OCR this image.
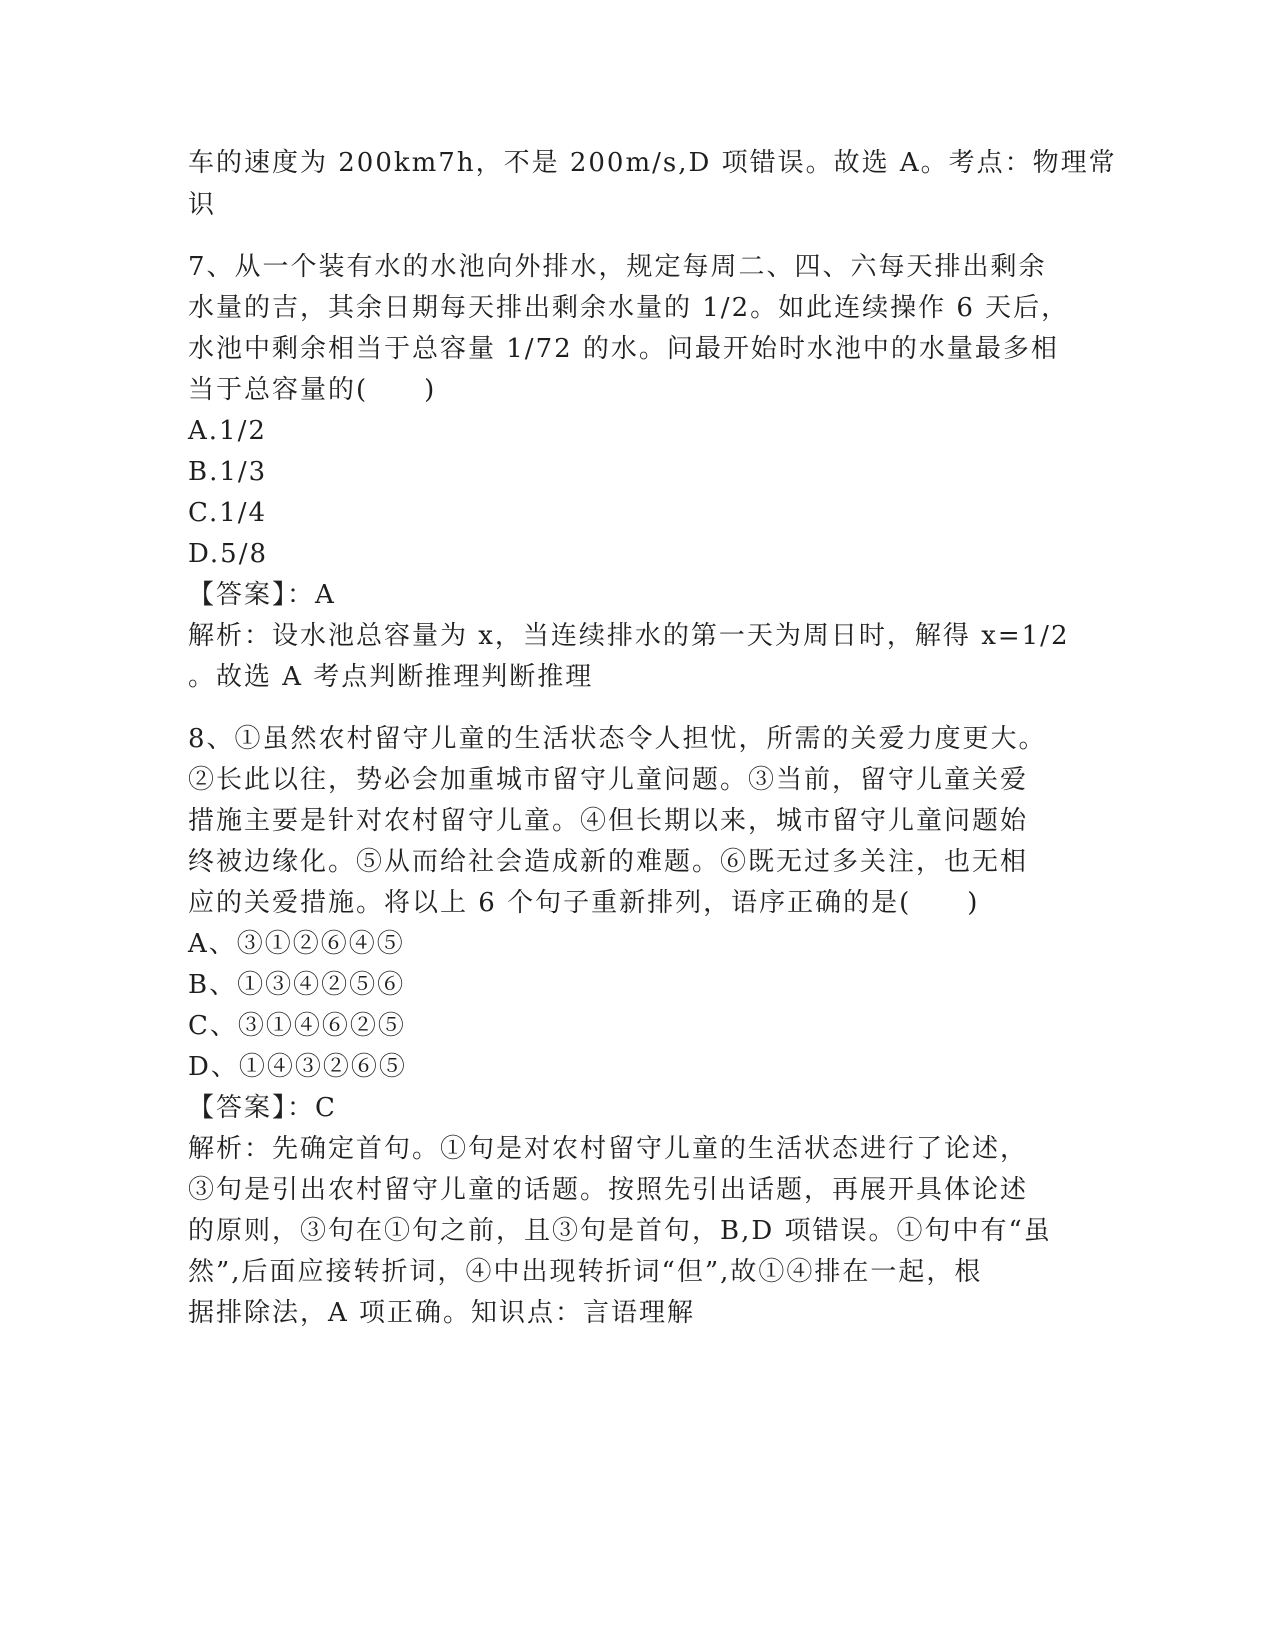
车的速度为 200km7h，不是 200m/s,D 项错误。故选 A。考点：物理常
识
7、从一个装有水的水池向外排水，规定每周二、四、六每天排出剩余
水量的吉，其余日期每天排出剩余水量的 1/2。如此连续操作 6 天后，
水池中剩余相当于总容量 1/72 的水。问最开始时水池中的水量最多相
当于总容量的(　　)
A.1/2
B.1/3
C.1/4
D.5/8
【答案】：A
解析：设水池总容量为 x，当连续排水的第一天为周日时，解得 x=1/2
。故选 A 考点判断推理判断推理
8、①虽然农村留守儿童的生活状态令人担忧，所需的关爱力度更大。
②长此以往，势必会加重城市留守儿童问题。③当前，留守儿童关爱
措施主要是针对农村留守儿童。④但长期以来，城市留守儿童问题始
终被边缘化。⑤从而给社会造成新的难题。⑥既无过多关注，也无相
应的关爱措施。将以上 6 个句子重新排列，语序正确的是(　　)
A、③①②⑥④⑤
B、①③④②⑤⑥
C、③①④⑥②⑤
D、①④③②⑥⑤
【答案】：C
解析：先确定首句。①句是对农村留守儿童的生活状态进行了论述，
③句是引出农村留守儿童的话题。按照先引出话题，再展开具体论述
的原则，③句在①句之前，且③句是首句，B,D 项错误。①句中有“虽
然”,后面应接转折词，④中出现转折词“但”,故①④排在一起，根
据排除法，A 项正确。知识点：言语理解
